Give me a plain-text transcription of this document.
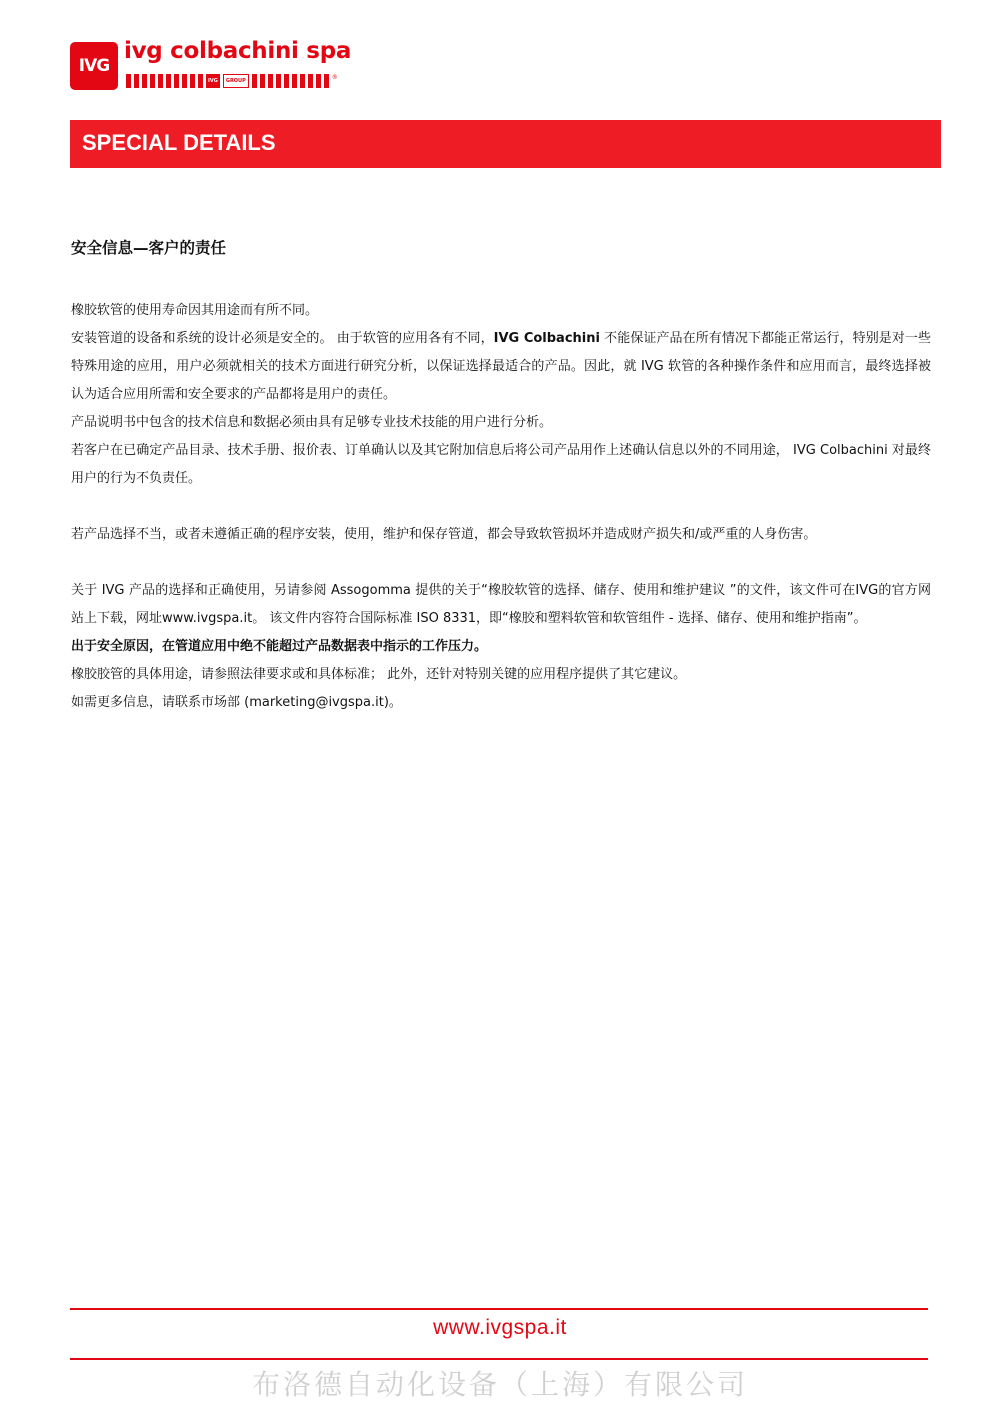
IVG
ivg colbachini spa
IVG	GROUP	®
SPECIAL DETAILS
安全信息—客户的责任

橡胶软管的使用寿命因其用途而有所不同。

安装管道的设备和系统的设计必须是安全的。 由于软管的应用各有不同，IVG Colbachini 不能保证产品在所有情况下都能正常运行，特别是对一些特殊用途的应用，用户必须就相关的技术方面进行研究分析，以保证选择最适合的产品。因此，就 IVG 软管的各种操作条件和应用而言，最终选择被认为适合应用所需和安全要求的产品都将是用户的责任。

产品说明书中包含的技术信息和数据必须由具有足够专业技术技能的用户进行分析。

若客户在已确定产品目录、技术手册、报价表、订单确认以及其它附加信息后将公司产品用作上述确认信息以外的不同用途， IVG Colbachini 对最终用户的行为不负责任。

若产品选择不当，或者未遵循正确的程序安装，使用，维护和保存管道，都会导致软管损坏并造成财产损失和/或严重的人身伤害。

关于 IVG 产品的选择和正确使用，另请参阅 Assogomma 提供的关于“橡胶软管的选择、储存、使用和维护建议 ”的文件，该文件可在IVG的官方网站上下载，网址www.ivgspa.it。 该文件内容符合国际标准 ISO 8331，即“橡胶和塑料软管和软管组件 - 选择、储存、使用和维护指南”。

出于安全原因，在管道应用中绝不能超过产品数据表中指示的工作压力。

橡胶胶管的具体用途，请参照法律要求或和具体标准； 此外，还针对特别关键的应用程序提供了其它建议。

如需更多信息，请联系市场部 (marketing@ivgspa.it)。

www.ivgspa.it
布洛德自动化设备（上海）有限公司
